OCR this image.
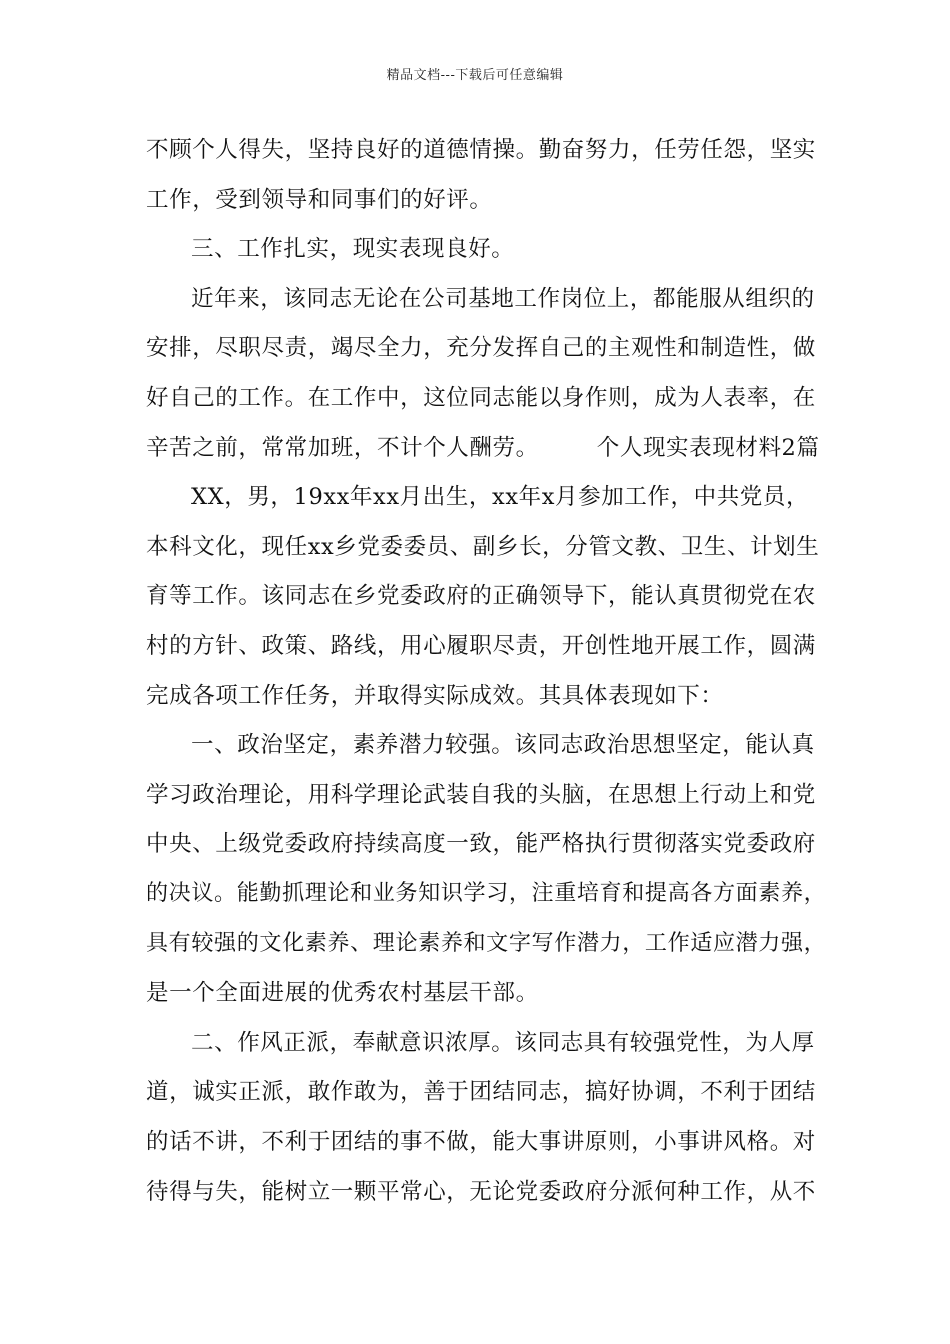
精品文档---下载后可任意编辑
不顾个人得失，坚持良好的道德情操。勤奋努力，任劳任怨，坚实
工作，受到领导和同事们的好评。
三、工作扎实，现实表现良好。
近年来，该同志无论在公司基地工作岗位上，都能服从组织的
安排，尽职尽责，竭尽全力，充分发挥自己的主观性和制造性，做
好自己的工作。在工作中，这位同志能以身作则，成为人表率，在
辛苦之前，常常加班，不计个人酬劳。　　　个人现实表现材料2篇
XX，男，19xx年xx月出生，xx年x月参加工作，中共党员，
本科文化，现任xx乡党委委员、副乡长，分管文教、卫生、计划生
育等工作。该同志在乡党委政府的正确领导下，能认真贯彻党在农
村的方针、政策、路线，用心履职尽责，开创性地开展工作，圆满
完成各项工作任务，并取得实际成效。其具体表现如下：
一、政治坚定，素养潜力较强。该同志政治思想坚定，能认真
学习政治理论，用科学理论武装自我的头脑，在思想上行动上和党
中央、上级党委政府持续高度一致，能严格执行贯彻落实党委政府
的决议。能勤抓理论和业务知识学习，注重培育和提高各方面素养，
具有较强的文化素养、理论素养和文字写作潜力，工作适应潜力强，
是一个全面进展的优秀农村基层干部。
二、作风正派，奉献意识浓厚。该同志具有较强党性，为人厚
道，诚实正派，敢作敢为，善于团结同志，搞好协调，不利于团结
的话不讲，不利于团结的事不做，能大事讲原则，小事讲风格。对
待得与失，能树立一颗平常心，无论党委政府分派何种工作，从不
